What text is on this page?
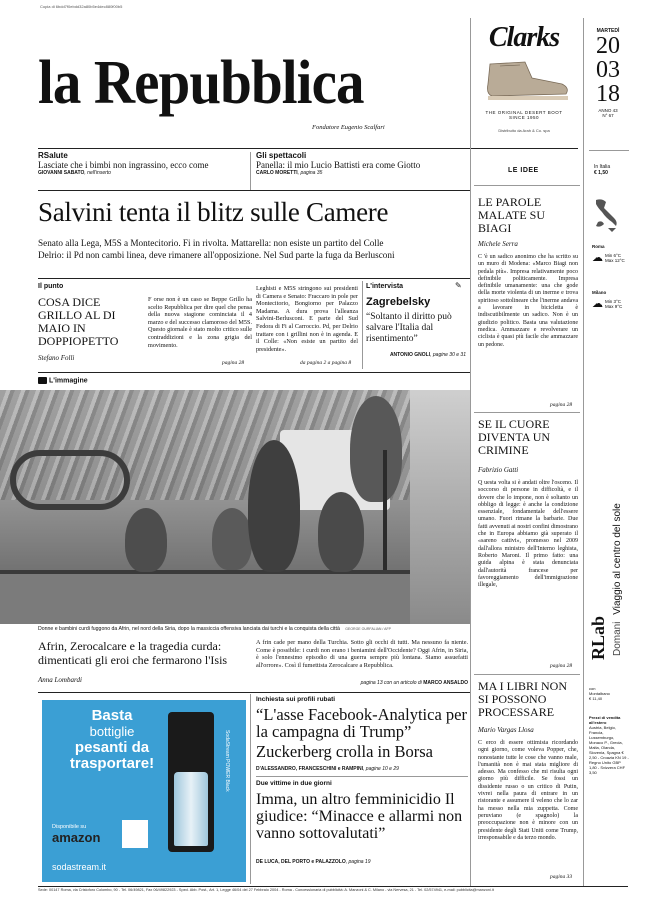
Copia di 6bdd7f0ebdd32a80b5e4dec880f00b5
la Repubblica
Fondatore Eugenio Scalfari
Clarks
THE ORIGINAL DESERT BOOT
SINCE 1950
Distribuito da Arah & Co. spa
MARTEDÌ
20
03
18
ANNO 43
N° 67
In Italia
€ 1,50
Roma
☁ Min 6°C
Max 12°C
Milano
☁ Min 3°C
Max 9°C
RLab Domani Viaggio al centro del sole
con
Montalbano
€ 11,40
Prezzi di vendita all'estero
Austria, Belgio, Francia, Lussemburgo, Monaco P., Grecia, Malta, Olanda, Slovenia, Spagna € 2,50 - Croazia KN 19 - Regno Unito GBP 1,80 - Svizzera CHF 3,50
RSalute
Lasciate che i bimbi non ingrassino, ecco come
GIOVANNI SABATO, nell'inserto
Gli spettacoli
Panella: il mio Lucio Battisti era come Giotto
CARLO MORETTI, pagina 35	LE IDEE
Salvini tenta il blitz sulle Camere
Senato alla Lega, M5S a Montecitorio. Fi in rivolta. Mattarella: non esiste un partito del Colle
Delrio: il Pd non cambi linea, deve rimanere all'opposizione. Nel Sud parte la fuga da Berlusconi
Il punto
COSA DICE GRILLO AL DI MAIO IN DOPPIOPETTO
Stefano Folli
F orse non è un caso se Beppe Grillo ha scelto Repubblica per dire quel che pensa della nuova stagione cominciata il 4 marzo e del successo clamoroso del M5S. Questo giornale è stato molto critico sulle contraddizioni e la zona grigia del movimento.
pagina 28
Leghisti e M5S stringono sui presidenti di Camera e Senato: Fraccaro in pole per Montecitorio, Bongiorno per Palazzo Madama. A dura prova l'alleanza Salvini-Berlusconi. E parte del Sud Fedora di Fi al Carroccio. Pd, per Delrio trattare con i grillini non è in agenda. E il Colle: «Non esiste un partito del presidente».
da pagina 2 a pagina 8
L'intervista	✎
Zagrebelsky
“Soltanto il diritto può salvare l'Italia dal risentimento”
ANTONIO GNOLI, pagine 30 e 31
L'immagine
Donne e bambini curdi fuggono da Afrin, nel nord della Siria, dopo la massiccia offensiva lanciata dai turchi e la conquista della città GEORGE OURFALIAN / AFP
Afrin, Zerocalcare e la tragedia curda: dimenticati gli eroi che fermarono l'Isis
Anna Lombardi
A frin cade per mano della Turchia. Sotto gli occhi di tutti. Ma nessuno fa niente. Come è possibile: i curdi non erano i beniamini dell'Occidente? Oggi Afrin, in Siria, è solo l'ennesimo episodio di una guerra sempre più lontana. Siamo assuefatti all'orrore». Così il fumettista Zerocalcare a Repubblica.
pagina 13 con un articolo di MARCO ANSALDO
Basta
bottiglie
pesanti da
trasportare!	SodaStream POWER Black
Disponibile su
amazon
sodastream.it
Inchiesta sui profili rubati
“L'asse Facebook-Analytica per la campagna di Trump”
Zuckerberg crolla in Borsa
D'ALESSANDRO, FRANCESCHINI e RAMPINI, pagine 10 e 29
Due vittime in due giorni
Imma, un altro femminicidio Il giudice: “Minacce e allarmi non vanno sottovalutati”
DE LUCA, DEL PORTO e PALAZZOLO, pagina 19
LE PAROLE MALATE SU BIAGI
Michele Serra
C 'è un sadico anonimo che ha scritto su un muro di Modena: «Marco Biagi non pedala più». Impresa relativamente poco definibile politicamente. Impresa definibile umanamente: una che gode della morte violenta di un inerme e trova spiritoso sottolineare che l'inerme andava a lavorare in bicicletta è indiscutibilmente un sadico. Non è un giudizio politico. Basta una valutazione medica. Ammazzare e revolverare un ciclista è quasi più facile che ammazzare un pedone.
pagina 28
SE IL CUORE DIVENTA UN CRIMINE
Fabrizio Gatti
Q uesta volta si è andati oltre l'osceno. Il soccorso di persone in difficoltà, e il dovere che lo impone, non è soltanto un obbligo di legge: è anche la condizione essenziale, fondamentale dell'essere umano. Fuori rimane la barbarie. Due fatti avvenuti ai nostri confini dimostrano che in Europa abbiamo già superato il «sareno cattivi», promesso nel 2009 dall'allora ministro dell'Interno leghista, Roberto Maroni. Il primo fatto: una guida alpina è stata denunciata dall'autorità francese per favoreggiamento dell'immigrazione illegale,
pagina 28
MA I LIBRI NON SI POSSONO PROCESSARE
Mario Vargas Llosa
C erco di essere ottimista ricordando ogni giorno, come voleva Popper, che, nonostante tutte le cose che vanno male, l'umanità non è mai stata migliore di adesso. Ma confesso che mi risulta ogni giorno più difficile. Se fossi un dissidente russo o un critico di Putin, vivrei nella paura di entrare in un ristorante e assumere il veleno che lo zar ha messo nella mia zuppetta. Come peruviano (e spagnolo) la preoccupazione non è minore con un presidente degli Stati Uniti come Trump, irresponsabile e da terzo mondo.
pagina 33
Sede: 00147 Roma, via Cristoforo Colombo, 90 - Tel. 06/49821, Fax 06/49822923 - Sped. Abb. Post., Art. 1, Legge 46/04 del 27 Febbraio 2004 - Roma - Concessionaria di pubblicità: A. Manzoni & C. Milano - via Nervesa, 21 - Tel. 02/574941, e-mail: pubblicita@manzoni.it
